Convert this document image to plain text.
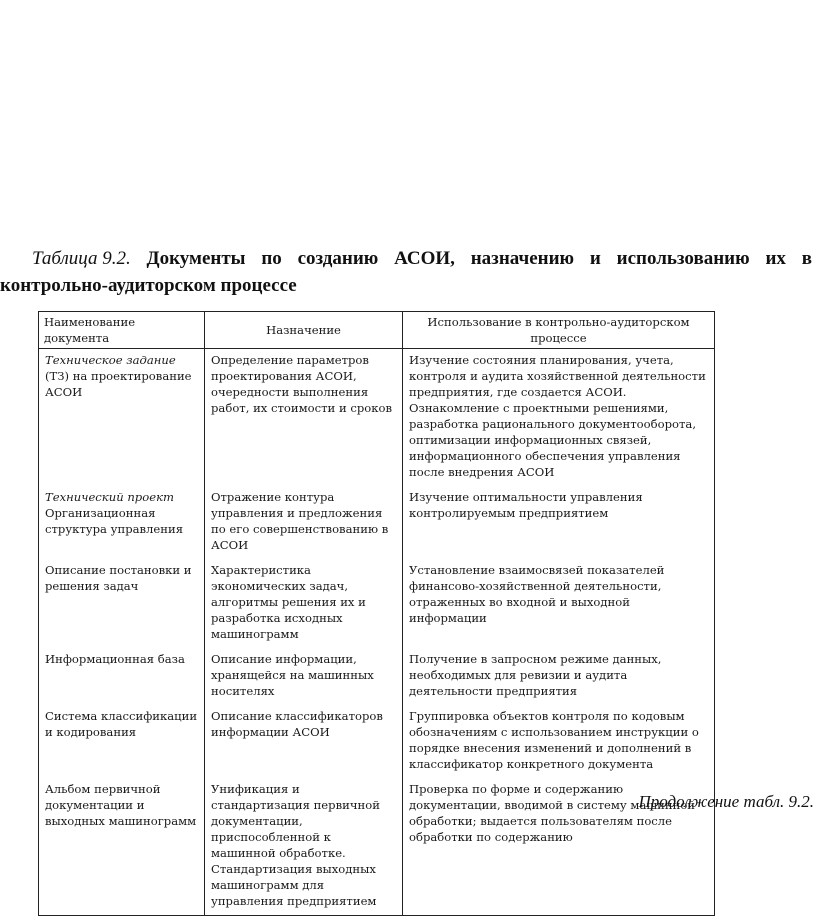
Таблица 9.2. Документы по созданию АСОИ, назначению и использованию их в
контрольно-аудиторском процессе
Наименование документа	Назначение	Использование в контрольно-аудиторском процессе

Техническое задание
(ТЗ) на проектирование АСОИ	Определение параметров проектирования АСОИ, очередности выполнения работ, их стоимости и сроков	Изучение состояния планирования, учета, контроля и аудита хозяйственной деятельности предприятия, где создается АСОИ. Ознакомление с проектными решениями, разработка рационального документооборота, оптимизации информационных связей, информационного обеспечения управления после внедрения АСОИ

Технический проект
Организационная структура управления	Отражение контура управления и предложения по его совершенствованию в АСОИ	Изучение оптимальности управления контролируемым предприятием
Описание постановки и решения задач	Характеристика экономических задач, алгоритмы решения их и разработка исходных машинограмм	Установление взаимосвязей показателей финансово-хозяйственной деятельности, отраженных во входной и выходной информации
Информационная база	Описание информации, хранящейся на машинных носителях	Получение в запросном режиме данных, необходимых для ревизии и аудита деятельности предприятия
Система классификации и кодирования	Описание классификаторов информации АСОИ	Группировка объектов контроля по кодовым обозначениям с использованием инструкции о порядке внесения изменений и дополнений в классификатор конкретного документа
Альбом первичной документации и выходных машинограмм	Унификация и стандартизация первичной документации, приспособленной к машинной обработке. Стандартизация выходных машинограмм для управления предприятием	Проверка по форме и содержанию документации, вводимой в систему машинной обработки; выдается пользователям после обработки по содержанию
Продолжение табл. 9.2.
